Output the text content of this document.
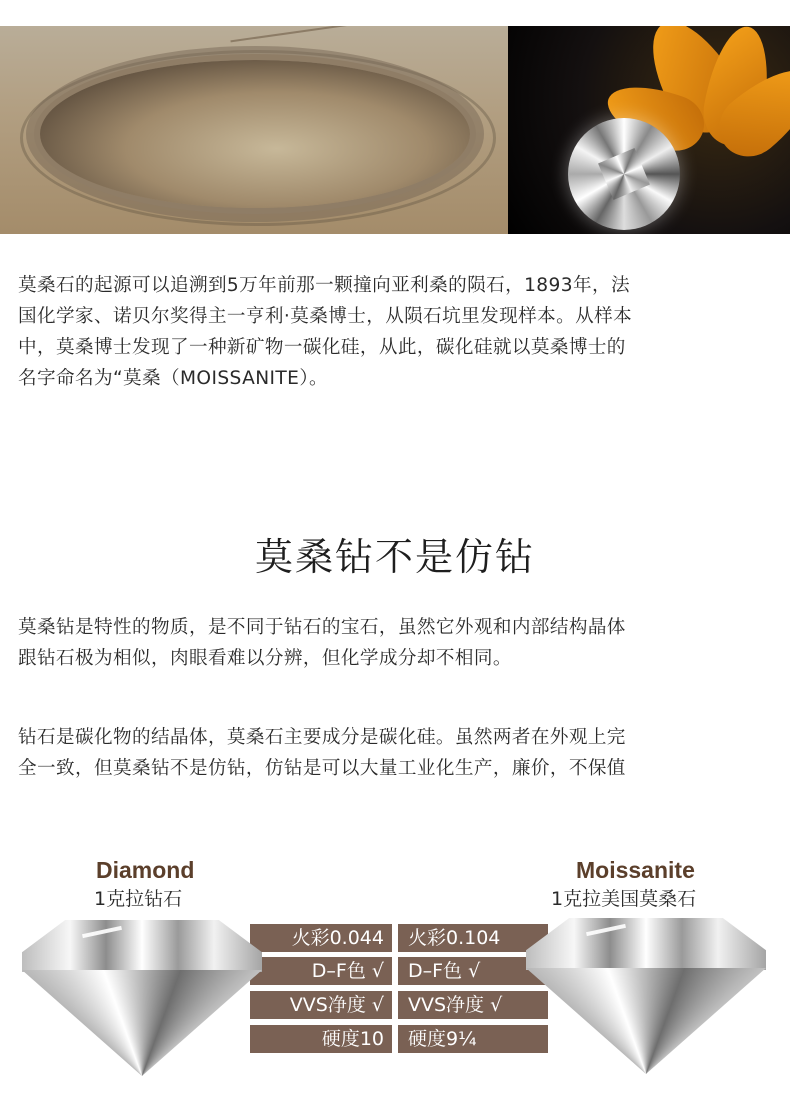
莫桑石的起源可以追溯到5万年前那一颗撞向亚利桑的陨石，1893年，法
国化学家、诺贝尔奖得主一亨利·莫桑博士，从陨石坑里发现样本。从样本
中，莫桑博士发现了一种新矿物一碳化硅，从此，碳化硅就以莫桑博士的
名字命名为“莫桑（MOISSANITE）。

莫桑钻不是仿钻

莫桑钻是特性的物质，是不同于钻石的宝石，虽然它外观和内部结构晶体
跟钻石极为相似，肉眼看难以分辨，但化学成分却不相同。

钻石是碳化物的结晶体，莫桑石主要成分是碳化硅。虽然两者在外观上完
全一致，但莫桑钻不是仿钻，仿钻是可以大量工业化生产，廉价，不保值

Diamond
1克拉钻石
Moissanite
1克拉美国莫桑石
火彩0.044
D–F色 √
VVS净度 √
硬度10
火彩0.104
D–F色 √
VVS净度 √
硬度9¼
